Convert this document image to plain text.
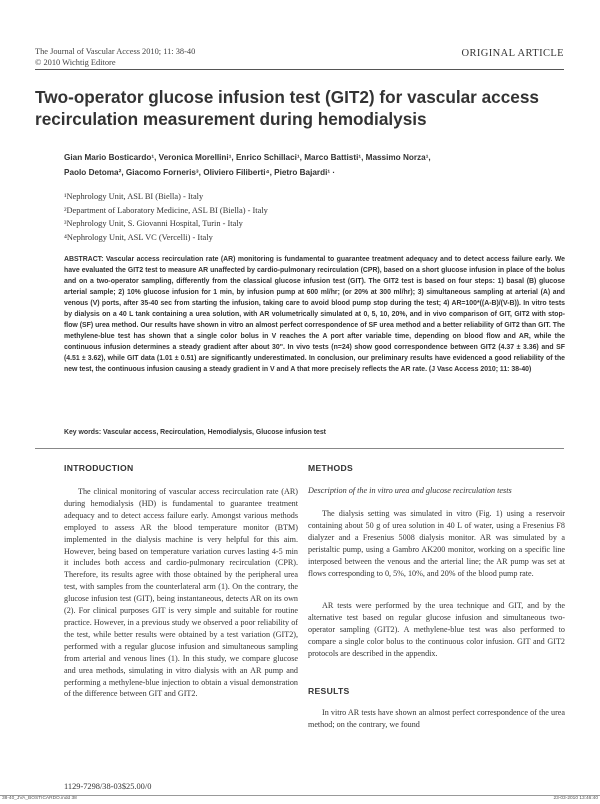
The Journal of Vascular Access 2010; 11: 38-40
© 2010 Wichtig Editore
ORIGINAL ARTICLE
Two-operator glucose infusion test (GIT2) for vascular access recirculation measurement during hemodialysis
Gian Mario Bosticardo¹, Veronica Morellini¹, Enrico Schillaci¹, Marco Battisti¹, Massimo Norza¹,
Paolo Detoma², Giacomo Forneris³, Oliviero Filiberti⁴, Pietro Bajardi¹ ·
¹Nephrology Unit, ASL BI (Biella) - Italy
²Department of Laboratory Medicine, ASL BI (Biella) - Italy
³Nephrology Unit, S. Giovanni Hospital, Turin - Italy
⁴Nephrology Unit, ASL VC (Vercelli) - Italy

ABSTRACT: Vascular access recirculation rate (AR) monitoring is fundamental to guarantee treatment adequacy and to detect access failure early. We have evaluated the GIT2 test to measure AR unaffected by cardio-pulmonary recirculation (CPR), based on a short glucose infusion in place of the bolus and on a two-operator sampling, differently from the classical glucose infusion test (GIT). The GIT2 test is based on four steps: 1) basal (B) glucose arterial sample; 2) 10% glucose infusion for 1 min, by infusion pump at 600 ml/hr; (or 20% at 300 ml/hr); 3) simultaneous sampling at arterial (A) and venous (V) ports, after 35-40 sec from starting the infusion, taking care to avoid blood pump stop during the test; 4) AR=100*((A-B)/(V-B)). In vitro tests by dialysis on a 40 L tank containing a urea solution, with AR volumetrically simulated at 0, 5, 10, 20%, and in vivo comparison of GIT, GIT2 with stop-flow (SF) urea method. Our results have shown in vitro an almost perfect correspondence of SF urea method and a better reliability of GIT2 than GIT. The methylene-blue test has shown that a single color bolus in V reaches the A port after variable time, depending on blood flow and AR, while the continuous infusion determines a steady gradient after about 30". In vivo tests (n=24) show good correspondence between GIT2 (4.37 ± 3.36) and SF (4.51 ± 3.62), while GIT data (1.01 ± 0.51) are significantly underestimated. In conclusion, our preliminary results have evidenced a good reliability of the new test, the continuous infusion causing a steady gradient in V and A that more precisely reflects the AR rate. (J Vasc Access 2010; 11: 38-40)

Key words: Vascular access, Recirculation, Hemodialysis, Glucose infusion test
INTRODUCTION

The clinical monitoring of vascular access recirculation rate (AR) during hemodialysis (HD) is fundamental to guarantee treatment adequacy and to detect access failure early. Amongst various methods employed to assess AR the blood temperature monitor (BTM) implemented in the dialysis machine is very helpful for this aim. However, being based on temperature variation curves lasting 4-5 min it includes both access and cardio-pulmonary recirculation (CPR). Therefore, its results agree with those obtained by the peripheral urea test, with samples from the counterlateral arm (1). On the contrary, the glucose infusion test (GIT), being instantaneous, detects AR on its own (2). For clinical purposes GIT is very simple and suitable for routine practice. However, in a previous study we observed a poor reliability of the test, while better results were obtained by a test variation (GIT2), performed with a regular glucose infusion and simultaneous sampling from arterial and venous lines (1). In this study, we compare glucose and urea methods, simulating in vitro dialysis with an AR pump and performing a methylene-blue injection to obtain a visual demonstration of the difference between GIT and GIT2.

METHODS
Description of the in vitro urea and glucose recirculation tests

The dialysis setting was simulated in vitro (Fig. 1) using a reservoir containing about 50 g of urea solution in 40 L of water, using a Fresenius F8 dialyzer and a Fresenius 5008 dialysis monitor. AR was simulated by a peristaltic pump, using a Gambro AK200 monitor, working on a specific line interposed between the venous and the arterial line; the AR pump was set at flows corresponding to 0, 5%, 10%, and 20% of the blood pump rate.

AR tests were performed by the urea technique and GIT, and by the alternative test based on regular glucose infusion and simultaneous two-operator sampling (GIT2). A methylene-blue test was also performed to compare a single color bolus to the continuous color infusion. GIT and GIT2 protocols are described in the appendix.

RESULTS

In vitro AR tests have shown an almost perfect correspondence of the urea method; on the contrary, we found

1129-7298/38-03$25.00/0
38-40_JVA_BOSTICARDO.indd 38	23-03-2010 13:46:40
